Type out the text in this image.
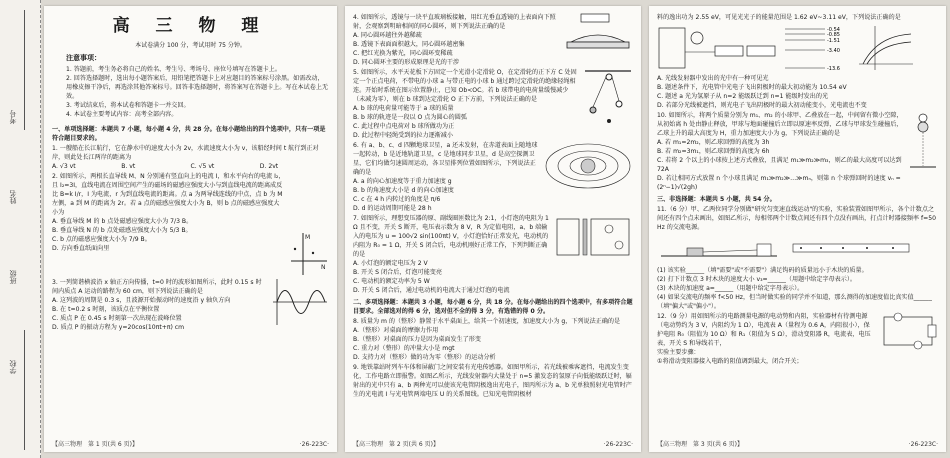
考号
姓名
班级
学校
高 三 物 理
本试卷满分 100 分，考试用时 75 分钟。
注意事项：
1. 答题前，考生务必将自己的姓名、考生号、考场号、座位号填写在答题卡上。
2. 回答选择题时，选出每小题答案后，用铅笔把答题卡上对应题目的答案标号涂黑。如需改动，用橡皮擦干净后，再选涂其他答案标号。回答非选择题时，将答案写在答题卡上。写在本试卷上无效。
3. 考试结束后，将本试卷和答题卡一并交回。
4. 本试卷主要考试内容：高考全部内容。
一、单项选择题：本题共 7 小题，每小题 4 分，共 28 分。在每小题给出的四个选项中，只有一项是符合题目要求的。
1. 一艘船在长江航行，它在静水中的速度大小为 2v，水流速度大小为 v，该船经时间 t 航行到正对岸，则此处长江两岸的距离为
A. √3 vt	B. vt	C. √5 vt	D. 2vt
2. 如图所示，两根长直导线 M、N 分别通有竖直向上的电流 I，和水平向右的电流 I₂，且 I₂=3I，直线电流在周围空间产生的磁场的磁感应强度大小与到直线电流的距离成反比 B=k I/r，I 为电流，r 为到直线电流的距离。点 a 为两导线连线的中点，点 b 为 M 左侧，a 到 M 的距离为 2r。若 a 点的磁感应强度大小为 B，则 b 点的磁感应强度大小为
A. 垂直导线 M 的 b 点处磁感应强度大小为 7/3 B。
B. 垂直导线 N 的 b 点处磁感应强度大小为 5/3 B。
C. b 点的磁感应强度大小为 7/9 B。
D. 方向垂直纸面向里
M
N
3. 一列简谐横波沿 x 轴正方向传播，t=0 时的波形如图所示，此时 0.15 s 时间内质点 A 运动的路程为 60 cm，则下列说法正确的是
A. 这列波的周期是 0.3 s，且波源开始振动时的速度沿 y 轴负方向
B. 在 t=0.2 s 时刻，该质点在平衡位置
C. 质点 P 在 0.45 s 时刻第一次出现在波峰位置
D. 质点 P 的振动方程为 y=20cos(10πt+π) cm
【高三物理　第 1 页(共 6 页)】	·26-223C·
4. 如图所示，透镜与一块平直玻璃板接触，用红光垂直透镜的上表面向下照射，会观察到明暗相间的同心圆环，则下列说法正确的是
A. 同心圆环越往外越稀疏
B. 透镜下表面面积越大，同心圆环越密集
C. 把红光换为紫光，同心圆环变稀疏
D. 同心圆环主要的形成原理是光的干涉
5. 如图所示，水平天花板下方固定一个光滑小定滑轮 O，在定滑轮的正下方 C 处固定一个正点电荷，不带电的小球 a 与带正电的小球 b 通过跨过定滑轮的绝缘轻绳相连。开始时系统在图示位置静止，已知 Ob<OC。若 b 球带电的电荷量缓慢减少（未减为零），则在 b 球到达定滑轮 O 正下方前，下列说法正确的是
A. b 球的电荷量可能等于 a 球的质量
B. b 球的轨迹是一段以 O 点为圆心的圆弧
C. 此过程中点电荷对 b 球所做功为正
D. 此过程中轻绳受到的拉力逐渐减小
6. 有 a、b、c、d 四颗地球卫星，a 还未发射，在赤道表面上随地球一起转动，b 是近地轨道卫星，c 是地球同步卫星，d 是高空探测卫星，它们均做匀速圆周运动，各卫星排列位置如图所示，下列说法正确的是
A. a 的向心加速度等于重力加速度 g
B. b 的角速度大小是 d 的向心加速度
C. c 在 4 h 内转过的角度是 π/6
D. d 的运动周期可能是 28 h
7. 如图所示，理想变压器的原、副线圈匝数比为 2:1，小灯泡的电阻为 1 Ω 且不变，开关 S 断开，电压表示数为 8 V，R 为定值电阻，a、b 端输入的电压为 u = 100√2 sin(100πt) V，小灯泡恰好正常发光，电动机的内阻为 R₀ = 1 Ω，开关 S 闭合后，电动机刚好正常工作，下列判断正确的是
A. 小灯泡的额定电压为 2 V
B. 开关 S 闭合后，灯泡可能变亮
C. 电动机的额定功率为 5 W
D. 开关 S 闭合后，通过电动机的电流大于通过灯泡的电流
二、多项选择题：本题共 3 小题，每小题 6 分，共 18 分。在每小题给出的四个选项中，有多项符合题目要求。全部选对的得 6 分，选对但不全的得 3 分，有选错的得 0 分。
8. 质量为 m 的（整形）静置于水平桌面上，给其一个初速度，加速度大小为 g，下列说法正确的是
A.（整形）对桌面的摩擦力作用
B.（整形）对桌面的压力是因为桌面发生了形变
C. 重力对（整形）的冲量大小是 mgt
D. 支持力对（整形）做的功为零（整形）的运动分析
9. 地铁靠站时列车车体和屏蔽门之间安装有光电传感器。如图甲所示，若光线被乘客遮挡，电流发生变化，工作电路立即报警。如图乙所示，光线发射器内大量处于 n=5 激发态的氢原子向低能级跃迁时，辐射出的光中只有 a、b 两种光可以使该光电管阴极逸出光电子，图丙所示为 a、b 光单独照射光电管时产生的光电流 I 与光电管两端电压 U 的关系图线。已知光电管阴极材
【高三物理　第 2 页(共 6 页)】	·26-223C·
料的逸出功为 2.55 eV，可见光光子的能量范围是 1.62 eV~3.11 eV，下列说法正确的是
-0.54
-0.85
-1.51
-3.40
-13.6
A. 光线发射器中发出的光中有一种可见光
B. 题述条件下，光电管中光电子飞出阴极时的最大初动能为 10.54 eV
C. 题述 a 光为氢原子从 n=2 能级跃迁到 n=1 能级时发出的光
D. 若部分光线被遮挡，则光电子飞出阴极时的最大初动能变小，光电流也不变
10. 如图所示，将两个质量分别为 m₁、m₂ 的小球甲、乙叠放在一起，中间留有微小空隙，从初始离 h 处由静止释放，甲球与地面碰撞后立即以原速率反弹，乙球与甲球发生碰撞后，乙球上升的最大高度为 H，重力加速度大小为 g，下列说法正确的是
A. 若 m₁=2m₂，则乙球回弹的高度为 3h
B. 若 m₂=3m₁，则乙球回弹的高度为 6h
C. 若将 2 个以上的小球按上述方式叠放，且满足 m₁≫m₂≫m₃，则乙的最大高度可以达到 72A
D. 若让相同方式放置 n 个小球且满足 m₁≫m₂≫…≫mₙ，则第 n 个球弹回时的速度 vₙ = (2ⁿ−1)√(2gh)
三、非选择题：本题共 5 小题，共 54 分。
11.（6 分）甲、乙两位同学分别做"研究匀变速直线运动"的实验，实验装置如图甲所示，各个计数点之间还有四个点未画出，如图乙所示，每相邻两个计数点间还有四个点没有画出，打点计时器接频率 f=50 Hz 的交流电源。
(1) 该实验______（填"需要"或"不需要"）满足钩码的质量远小于木块的质量。
(2) 打下计数点 3 时木块的速度大小 v₃=______（用题中给定字母表示）。
(3) 木块的加速度 a=______（用题中给定字母表示）。
(4) 如果交流电的频率 f<50 Hz，但当时做实验的同学并不知道，那么测得的加速度值比真实值______（填"偏大"或"偏小"）。
12.（9 分）用如图所示的电路测量电源的电动势和内阻，实验器材有待测电源（电动势约为 3 V，内阻约为 1 Ω），电流表 A（量程为 0.6 A，内阻很小），保护电阻 R₀（阻值为 10 Ω）和 R₁（阻值为 5 Ω），滑动变阻器 R，电流表，电压表，开关 S 和导线若干，
实验主要步骤：
①将滑动变阻器接入电路的阻值调到最大，闭合开关；
【高三物理　第 3 页(共 6 页)】	·26-223C·
